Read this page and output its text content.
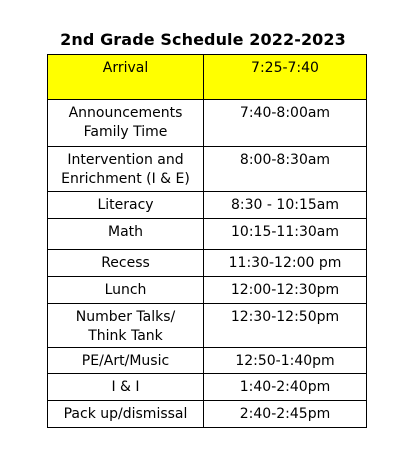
2nd Grade Schedule 2022-2023
Arrival	7:25-7:40
Announcements
Family Time	7:40-8:00am
Intervention and
Enrichment (I & E)	8:00-8:30am
Literacy	8:30 - 10:15am
Math	10:15-11:30am
Recess	11:30-12:00 pm
Lunch	12:00-12:30pm
Number Talks/
Think Tank	12:30-12:50pm
PE/Art/Music	12:50-1:40pm
I & I	1:40-2:40pm
Pack up/dismissal	2:40-2:45pm
